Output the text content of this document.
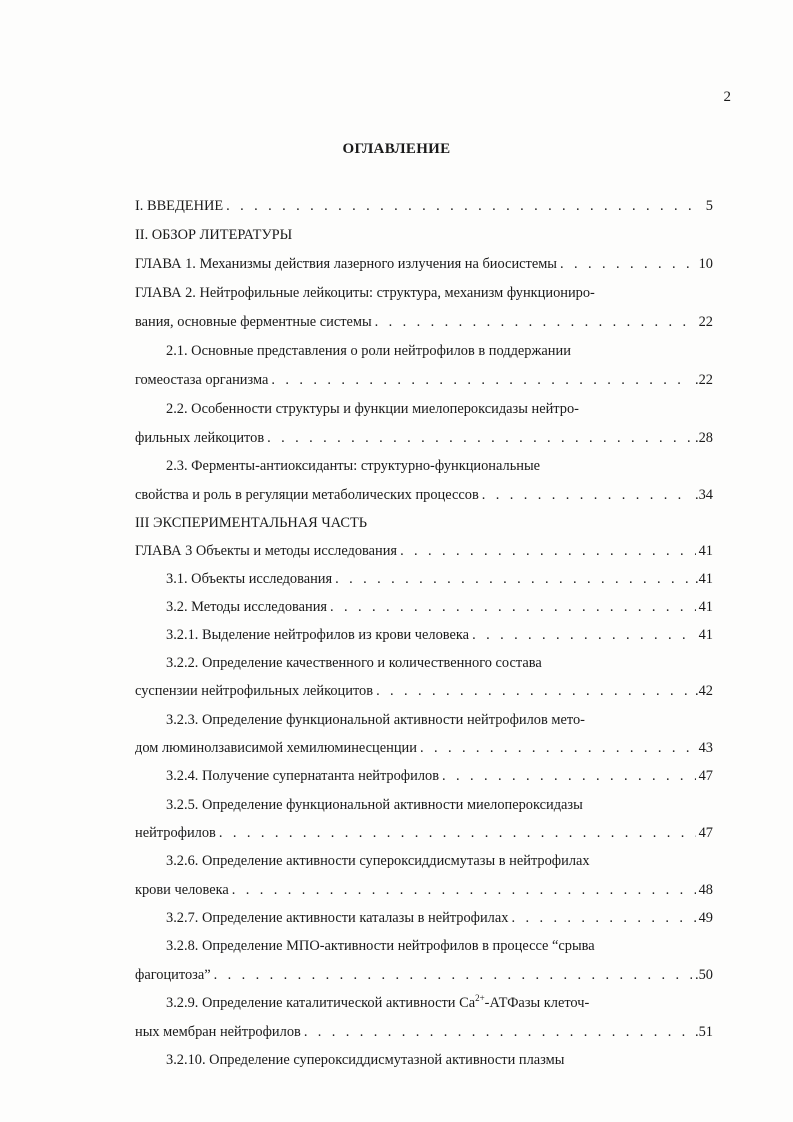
2
ОГЛАВЛЕНИЕ
I. ВВЕДЕНИЕ . . .	5
II. ОБЗОР ЛИТЕРАТУРЫ
ГЛАВА 1. Механизмы действия лазерного излучения на биосистемы . . .	10
ГЛАВА 2. Нейтрофильные лейкоциты: структура, механизм функциониро-
вания, основные ферментные системы . . .	22
2.1. Основные представления о роли нейтрофилов в поддержании
гомеостаза организма . . .	.22
2.2. Особенности структуры и функции миелопероксидазы нейтро-
фильных лейкоцитов . . .	.28
2.3. Ферменты-антиоксиданты: структурно-функциональные
свойства и роль в регуляции метаболических процессов . . .	.34
III ЭКСПЕРИМЕНТАЛЬНАЯ ЧАСТЬ
ГЛАВА 3 Объекты и методы исследования . . .	41
3.1. Объекты исследования . . .	.41
3.2. Методы исследования . . .	41
3.2.1. Выделение нейтрофилов из крови человека . . .	41
3.2.2. Определение качественного и количественного состава
суспензии нейтрофильных лейкоцитов . . .	.42
3.2.3. Определение функциональной активности нейтрофилов мето-
дом люминолзависимой хемилюминесценции . . .	43
3.2.4. Получение супернатанта нейтрофилов . . .	47
3.2.5. Определение функциональной активности миелопероксидазы
нейтрофилов . . .	47
3.2.6. Определение активности супероксиддисмутазы в нейтрофилах
крови человека . . .	48
3.2.7. Определение активности каталазы в нейтрофилах . . .	49
3.2.8. Определение МПО-активности нейтрофилов в процессе “срыва
фагоцитоза” . . .	.50
3.2.9. Определение каталитической активности $Ca^{2+}$-АТФазы клеточ-
ных мембран нейтрофилов . . .	.51
3.2.10. Определение супероксиддисмутазной активности плазмы
